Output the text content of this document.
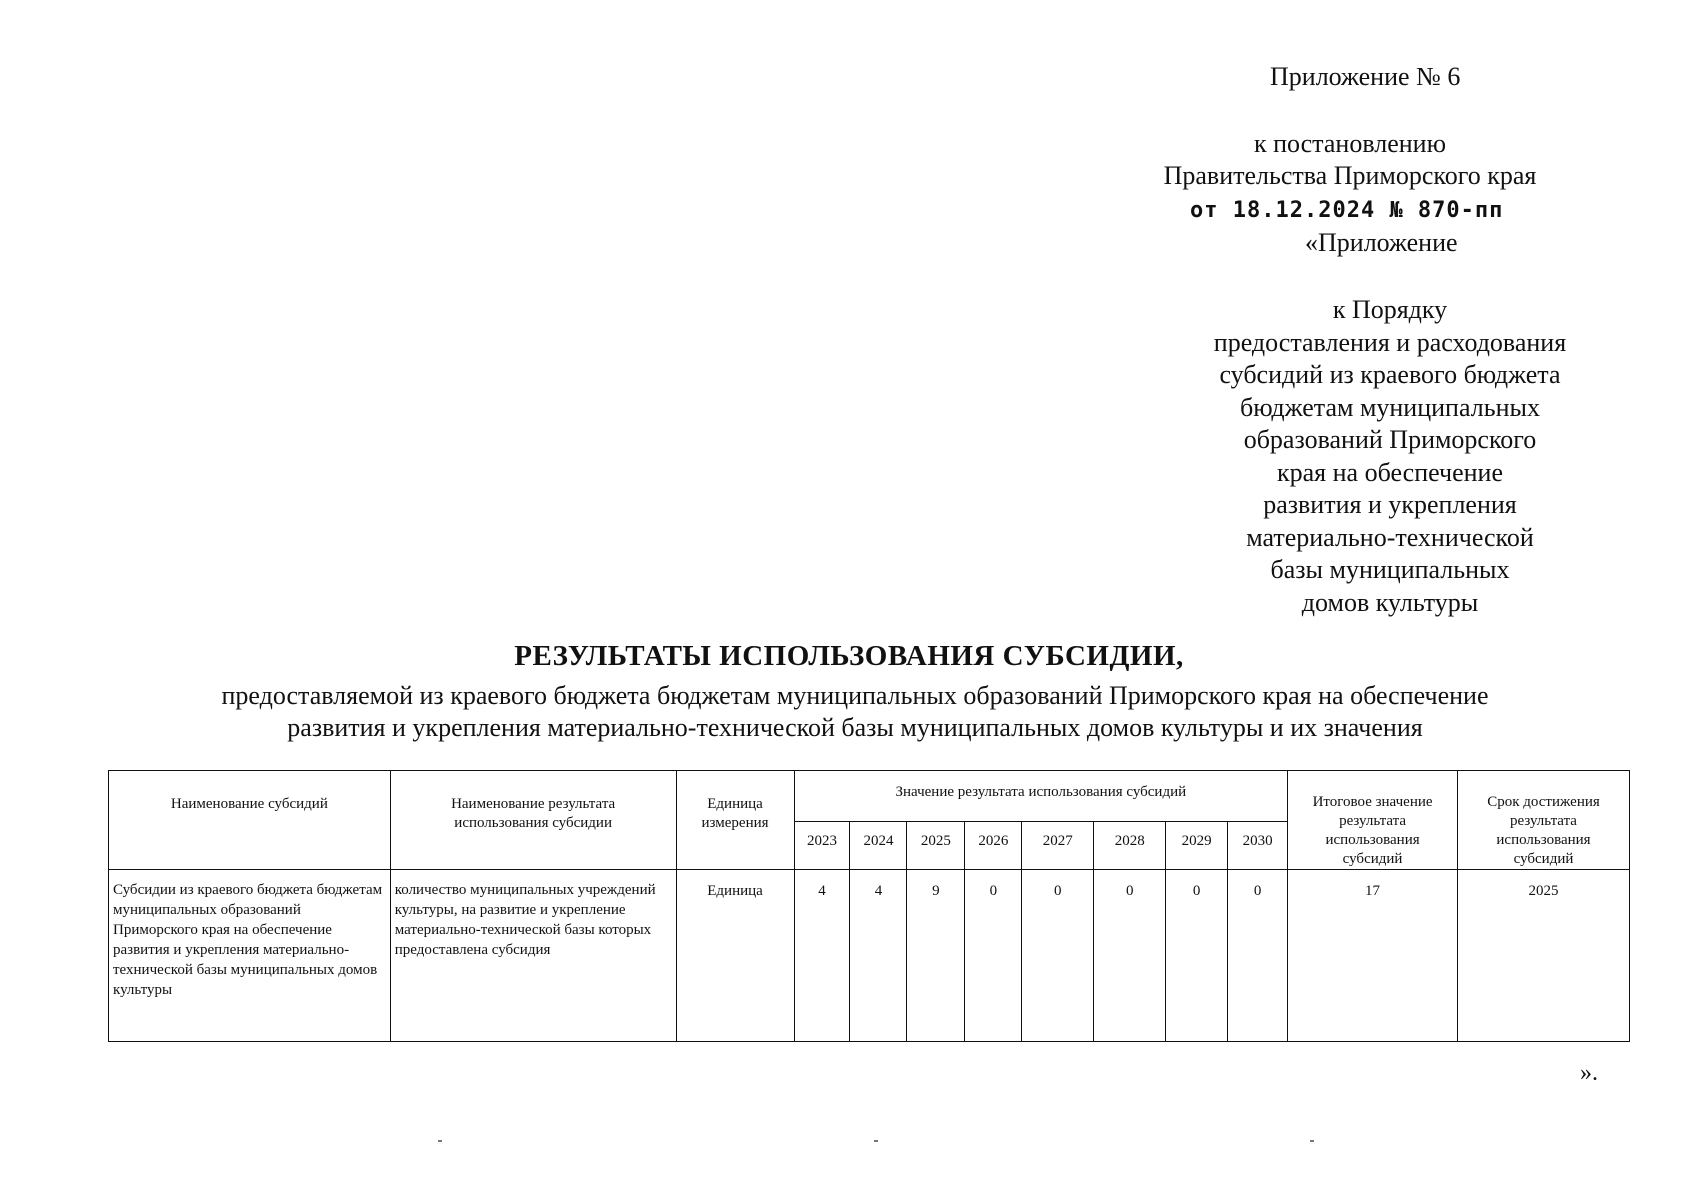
Приложение № 6
к постановлению
Правительства Приморского края
от 18.12.2024 № 870-пп
«Приложение
к Порядку
предоставления и расходования
субсидий из краевого бюджета
бюджетам муниципальных
образований Приморского
края на обеспечение
развития и укрепления
материально-технической
базы муниципальных
домов культуры
РЕЗУЛЬТАТЫ ИСПОЛЬЗОВАНИЯ СУБСИДИИ,
предоставляемой из краевого бюджета бюджетам муниципальных образований Приморского края на обеспечение
развития и укрепления материально-технической базы муниципальных домов культуры и их значения
Наименование субсидий	Наименование результата использования субсидии	Единица измерения	Значение результата использования субсидий								Итоговое значение результата использования субсидий	Срок достижения результата использования субсидий

			2023	2024	2025	2026	2027	2028	2029	2030		

Субсидии из краевого бюджета бюджетам муниципальных образований Приморского края на обеспечение развития и укрепления материально-технической базы муниципальных домов культуры	количество муниципальных учреждений культуры, на развитие и укрепление материально-технической базы которых предоставлена субсидия	Единица	4	4	9	0	0	0	0	0	17	2025
».
